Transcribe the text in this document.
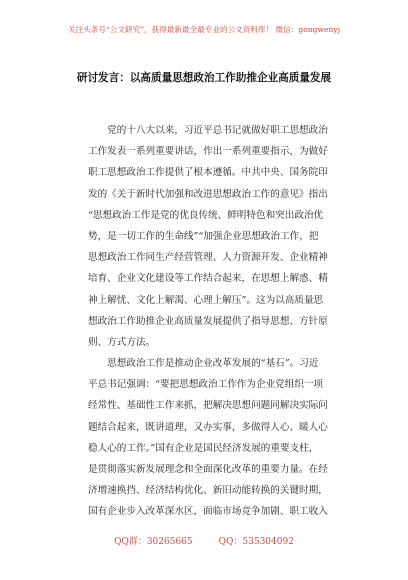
关注头条号“公文研究”，获得最新最全最专业的公文资料库！ 微信：gongwenyj
研讨发言：以高质量思想政治工作助推企业高质量发展
　　党的十八大以来，习近平总书记就做好职工思想政治
工作发表一系列重要讲话，作出一系列重要指示，为做好
职工思想政治工作提供了根本遵循。中共中央、国务院印
发的《关于新时代加强和改进思想政治工作的意见》指出
“思想政治工作是党的优良传统、鲜明特色和突出政治优
势，是一切工作的生命线”“加强企业思想政治工作，把
思想政治工作同生产经营管理、人力资源开发、企业精神
培育、企业文化建设等工作结合起来，在思想上解惑、精
神上解忧、文化上解渴、心理上解压”。这为以高质量思
想政治工作助推企业高质量发展提供了指导思想、方针原
则、方式方法。
　　思想政治工作是推动企业改革发展的“基石”。习近
平总书记强调：“要把思想政治工作作为企业党组织一项
经常性、基础性工作来抓，把解决思想问题同解决实际问
题结合起来，既讲道理，又办实事，多做得人心、暖人心
稳人心的工作。”国有企业是国民经济发展的重要支柱，
是贯彻落实新发展理念和全面深化改革的重要力量。在经
济增速换挡、经济结构优化、新旧动能转换的关键时期，
国有企业步入改革深水区，面临市场竞争加剧、职工收入
QQ群：30265665	QQ：535304092
